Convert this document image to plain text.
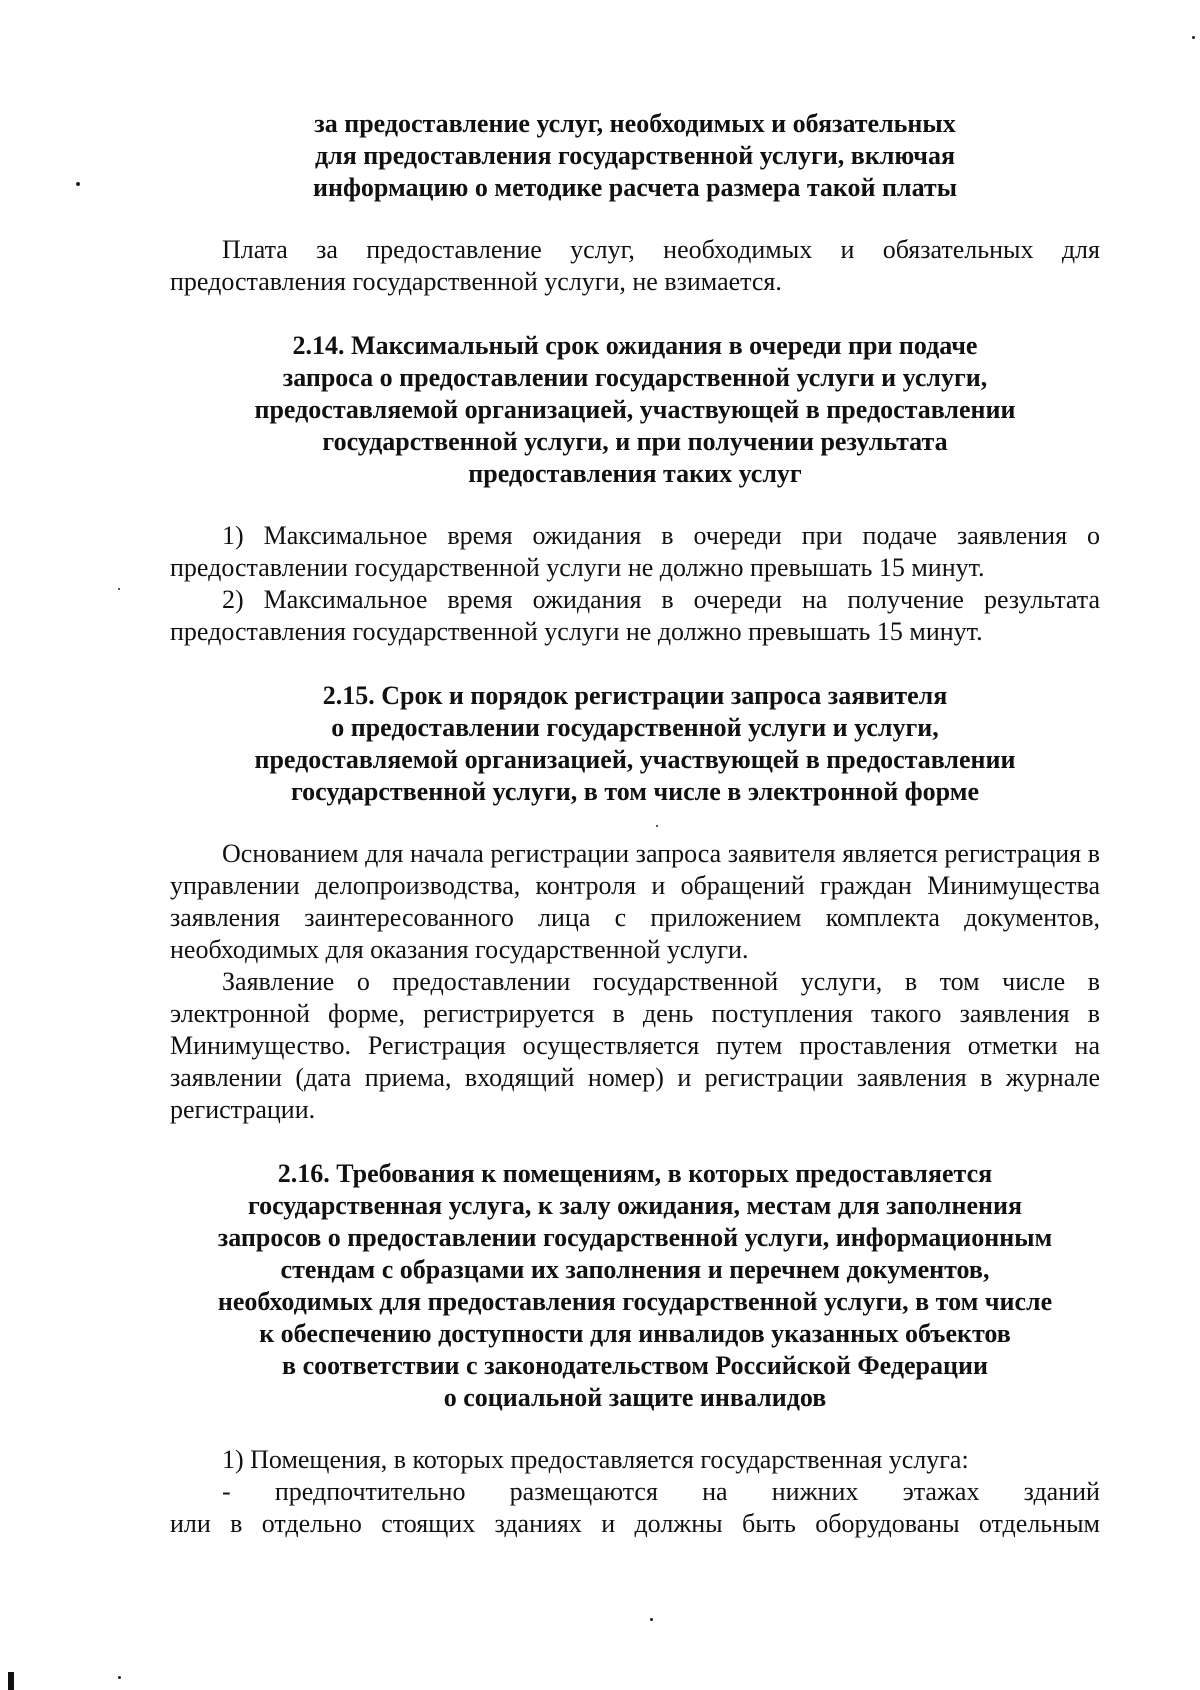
за предоставление услуг, необходимых и обязательных
для предоставления государственной услуги, включая
информацию о методике расчета размера такой платы

Плата за предоставление услуг, необходимых и обязательных для предоставления государственной услуги, не взимается.

2.14. Максимальный срок ожидания в очереди при подаче
запроса о предоставлении государственной услуги и услуги,
предоставляемой организацией, участвующей в предоставлении
государственной услуги, и при получении результата
предоставления таких услуг

1) Максимальное время ожидания в очереди при подаче заявления о предоставлении государственной услуги не должно превышать 15 минут.

2) Максимальное время ожидания в очереди на получение результата предоставления государственной услуги не должно превышать 15 минут.

2.15. Срок и порядок регистрации запроса заявителя
о предоставлении государственной услуги и услуги,
предоставляемой организацией, участвующей в предоставлении
государственной услуги, в том числе в электронной форме

Основанием для начала регистрации запроса заявителя является регистрация в управлении делопроизводства, контроля и обращений граждан Минимущества заявления заинтересованного лица с приложением комплекта документов, необходимых для оказания государственной услуги.

Заявление о предоставлении государственной услуги, в том числе в электронной форме, регистрируется в день поступления такого заявления в Минимущество. Регистрация осуществляется путем проставления отметки на заявлении (дата приема, входящий номер) и регистрации заявления в журнале регистрации.

2.16. Требования к помещениям, в которых предоставляется
государственная услуга, к залу ожидания, местам для заполнения
запросов о предоставлении государственной услуги, информационным
стендам с образцами их заполнения и перечнем документов,
необходимых для предоставления государственной услуги, в том числе
к обеспечению доступности для инвалидов указанных объектов
в соответствии с законодательством Российской Федерации
о социальной защите инвалидов

1) Помещения, в которых предоставляется государственная услуга:

- предпочтительно размещаются на нижних этажах зданий

или в отдельно стоящих зданиях и должны быть оборудованы отдельным
